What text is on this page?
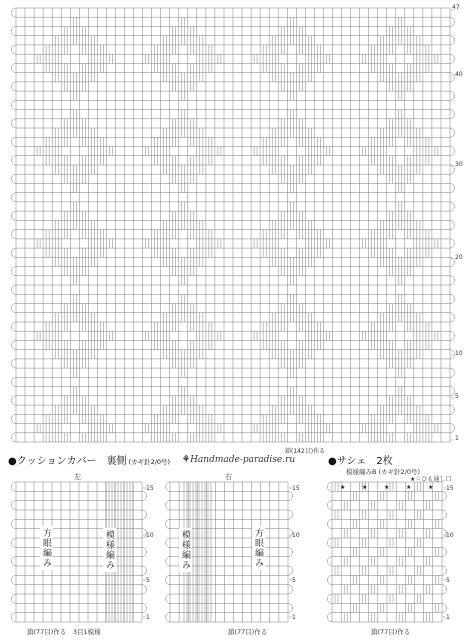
★	★	★	★	★
47
40
30
20
10
5
1
鎖(142目)作る
●クッションカバー　裏側 (カギ針2/0号) ⚘Handmade-paradise.ru
左
方眼編み	模様編み
15
10
5
1
鎖(77目)作る　3目1模様
右
模様編み	方眼編み
15
10
5
1
鎖(77目)作る
●サシェ　2枚
模様編みB (カギ針2/0号)
★＝ひも通し口
15
10
5
1
鎖(77目)作る
